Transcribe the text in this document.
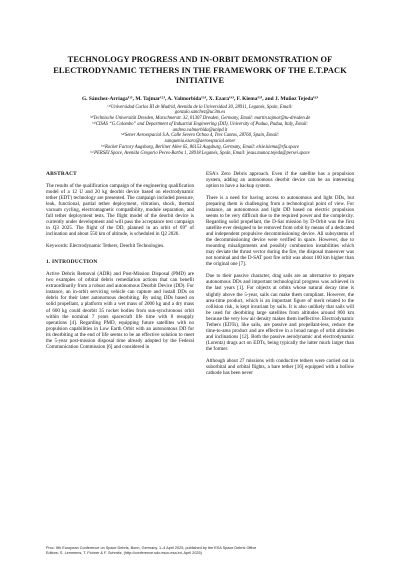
TECHNOLOGY PROGRESS AND IN-ORBIT DEMONSTRATION OF
ELECTRODYNAMIC TETHERS IN THE FRAMEWORK OF THE E.T.PACK INITIATIVE
G. Sánchez-Arriaga⁽¹⁾, M. Tajmar⁽²⁾, A. Valmorbida⁽³⁾, X. Ezara⁽⁴⁾, F. Kiema⁽⁵⁾, and J. Muñoz Tejeda⁽⁶⁾
⁽¹⁾Universidad Carlos III de Madrid, Avenida de la Universidad 30, 28911, Leganés, Spain, Email:
gonzalo.sanchez@uc3m.es
⁽²⁾Technische Universität Dresden, Marschnerstr. 32, 01307 Dresden, Germany, Email: martin.tajmar@tu-dresden.de
⁽³⁾CISAS “G.Colombo” and Department of Industrial Engineering (DII), University of Padua, Padua, Italy, Email:
andrea.valmorbida@unipd.it
⁽⁴⁾Sener Aeroespacial S.A. Calle Severo Ochoa 4, Tres Cantos, 28760, Spain, Email:
xanquenia.ezara@aeroespacial.sener
⁽⁵⁾Rocket Factory Augsburg, Berliner Allee 65, 86153 Augsburg, Germany, Email: elsie.kiema@rfa.space
⁽⁶⁾PERSEI Space, Avenida Gregorio Peces-Barba 1, 28918 Leganés, Spain, Email: jesus.munoz.tejeda@persei.space
ABSTRACT

The results of the qualification campaign of the engineering qualification model of a 12 U and 20 kg deorbit device based on electrodynamic tether (EDT) technology are presented. The campaign included pressure, leak, functional, partial tether deployment, vibration, shock, thermal vacuum cycling, electromagnetic compatibility, module separation, and full tether deployment tests. The flight model of the deorbit device is currently under development and will pass the acceptance test campaign in Q3 2025. The flight of the DD, planned in an orbit of 69° of inclination and about 550 km of altitude, is scheduled in Q2 2026.

Keywords: Electrodynamic Tethers, Deorbit Technologies.

1. INTRODUCTION

Active Debris Removal (ADR) and Post-Mission Disposal (PMD) are two examples of orbital debris remediation actions that can benefit extraordinarily from a robust and autonomous Deorbit Device (DD). For instance, an in-orbit servicing vehicle can capture and install DDs on debris for their later autonomous deorbiting. By using DDs based on solid propellant, a platform with a wet mass of 2000 kg and a dry mass of 600 kg could deorbit 35 rocket bodies from sun-synchronous orbit within the nominal 7 years spacecraft life time with 8 resupply operations [4]. Regarding PMD, equipping future satellites with no propulsion capabilities in Low Earth Orbit with an autonomous DD for its deorbiting at the end of life seems to be an effective solution to meet the 5-year post-mission disposal time already adopted by the Federal Communication Commission [6] and considered in

ESA's Zero Debris approach. Even if the satellite has a propulsion system, adding an autonomous deorbit device can be an interesting option to have a backup system.

There is a need for having access to autonomous and light DDs, but preparing them is challenging from a technological point of view. For instance, an autonomous and light DD based on electric propulsion seems to be very difficult due to the required power and the complexity. Regarding solid propellant, the D-Sat mission by D-Orbit was the first satellite ever designed to be removed from orbit by means of a dedicated and independent propulsive decommissioning device. All subsystems of the decommissioning device were verified in space. However, due to mounting misalignments and possibly combustion instabilities which may deviate the thrust vector during the fire, the disposal maneuver was not nominal and the D-SAT post fire orbit was about 100 km higher than the original one [7].

Due to their passive character, drag sails are an alternative to prepare autonomous DDs and important technological progress was achieved in the last years [1]. For objects at orbits whose natural decay time is slightly above the 5-year, sails can make them compliant. However, the area-time product, which is an important figure of merit related to the collision risk, is kept invariant by sails. It is also unlikely that sails will be used for deorbiting large satellites from altitudes around 800 km because the very low air density makes them ineffective. Electrodynamic Tethers (EDTs), like sails, are passive and propellant-less, reduce the time-to-area product and are effective in a broad range of orbit altitudes and inclinations [12]. Both the passive aerodynamic and electrodynamic (Lorentz) drags act on EDTs, being typically the latter much larger than the former.

Although about 27 missions with conductive tethers were carried out in suborbital and orbital flights, a bare tether [16] equipped with a hollow cathode has been never

Proc. 9th European Conference on Space Debris, Bonn, Germany, 1–4 April 2025, published by the ESA Space Debris Office
Editors: S. Lemmens, T. Flohrer & F. Schmitz, (http://conference.sdo.esoc.esa.int, April 2025)
